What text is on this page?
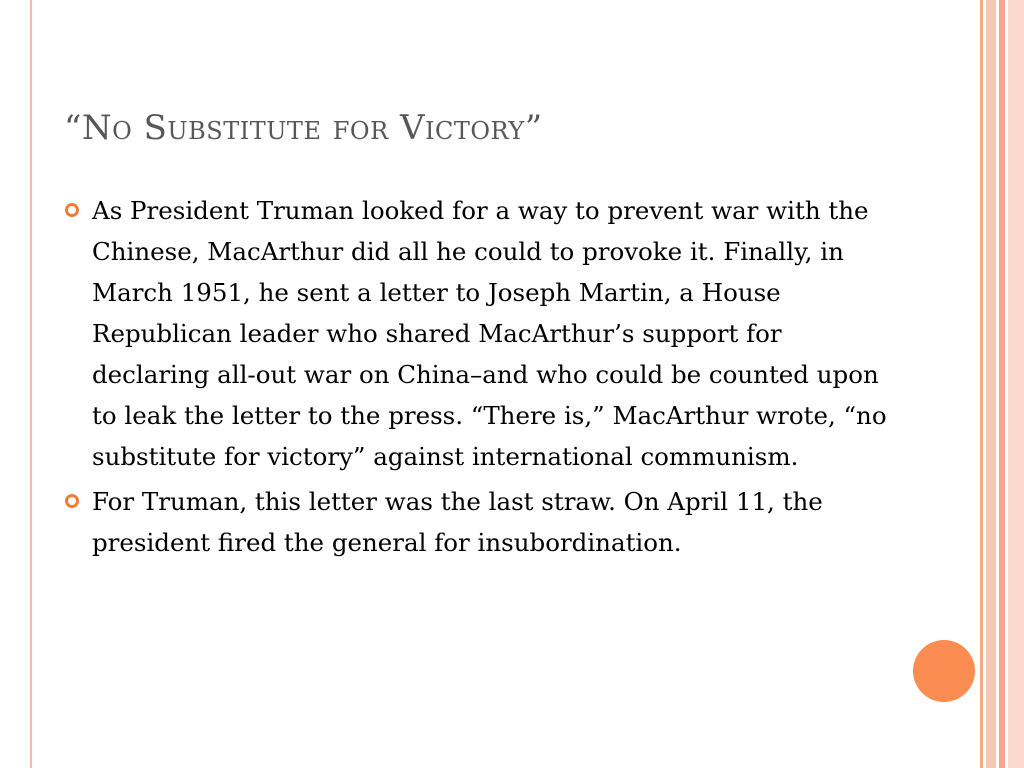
“No Substitute for Victory”
As President Truman looked for a way to prevent war with the Chinese, MacArthur did all he could to provoke it. Finally, in March 1951, he sent a letter to Joseph Martin, a House Republican leader who shared MacArthur’s support for declaring all-out war on China–and who could be counted upon to leak the letter to the press. “There is,” MacArthur wrote, “no substitute for victory” against international communism.
For Truman, this letter was the last straw. On April 11, the president fired the general for insubordination.
